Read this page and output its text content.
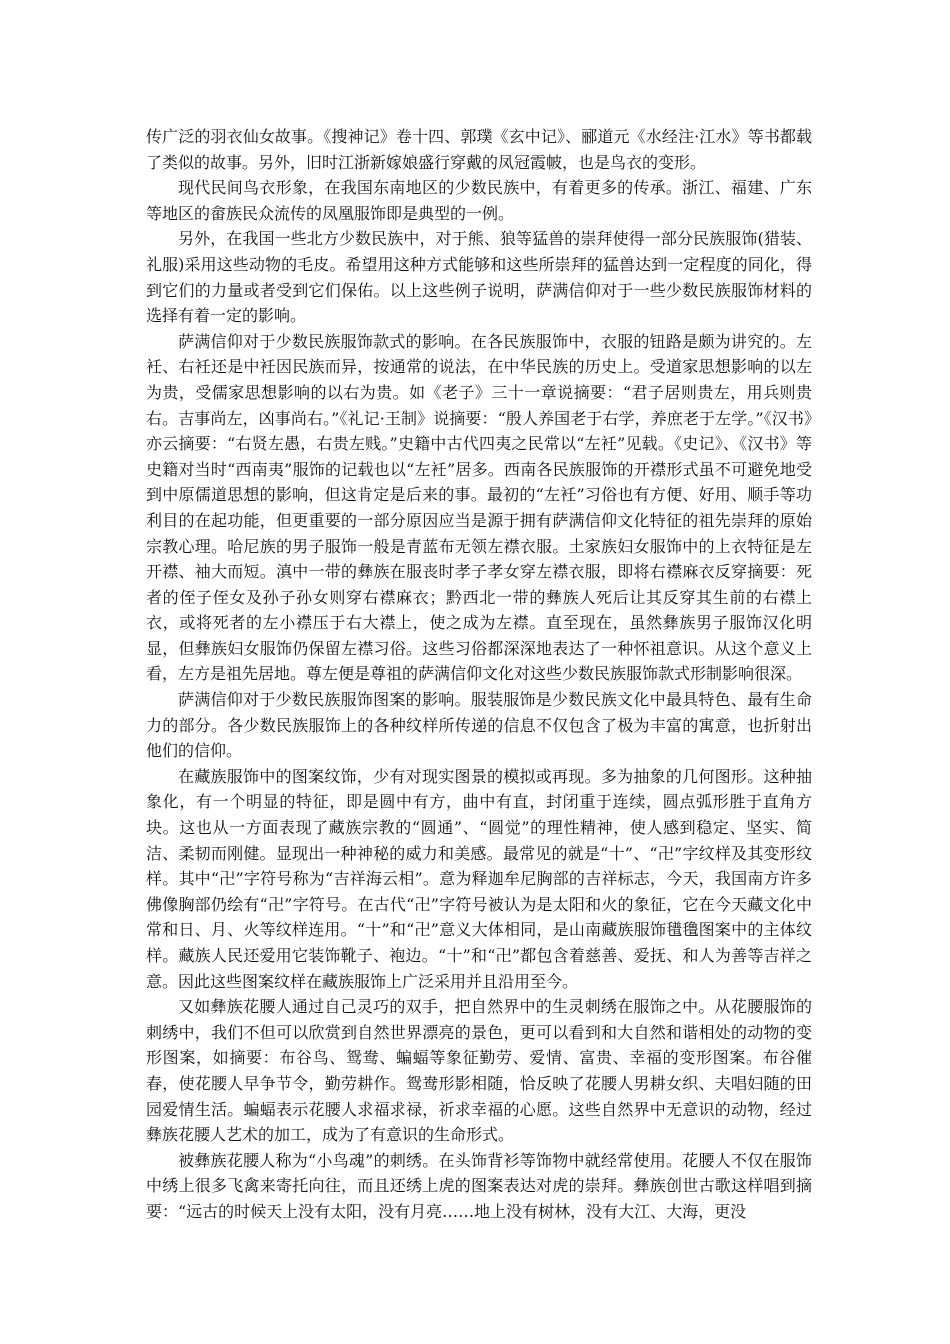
传广泛的羽衣仙女故事。《搜神记》卷十四、郭璞《玄中记》、郦道元《水经注·江水》等书都载了类似的故事。另外，旧时江浙新嫁娘盛行穿戴的凤冠霞帔，也是鸟衣的变形。

现代民间鸟衣形象，在我国东南地区的少数民族中，有着更多的传承。浙江、福建、广东等地区的畲族民众流传的凤凰服饰即是典型的一例。

另外，在我国一些北方少数民族中，对于熊、狼等猛兽的崇拜使得一部分民族服饰(猎装、礼服)采用这些动物的毛皮。希望用这种方式能够和这些所崇拜的猛兽达到一定程度的同化，得到它们的力量或者受到它们保佑。以上这些例子说明，萨满信仰对于一些少数民族服饰材料的选择有着一定的影响。

萨满信仰对于少数民族服饰款式的影响。在各民族服饰中，衣服的钮路是颇为讲究的。左衽、右衽还是中衽因民族而异，按通常的说法，在中华民族的历史上。受道家思想影响的以左为贵，受儒家思想影响的以右为贵。如《老子》三十一章说摘要：“君子居则贵左，用兵则贵右。吉事尚左，凶事尚右。”《礼记·王制》说摘要：“殷人养国老于右学，养庶老于左学。”《汉书》亦云摘要：“右贤左愚，右贵左贱。”史籍中古代四夷之民常以“左衽”见载。《史记》、《汉书》等史籍对当时“西南夷”服饰的记载也以“左衽”居多。西南各民族服饰的开襟形式虽不可避免地受到中原儒道思想的影响，但这肯定是后来的事。最初的“左衽”习俗也有方便、好用、顺手等功利目的在起功能，但更重要的一部分原因应当是源于拥有萨满信仰文化特征的祖先崇拜的原始宗教心理。哈尼族的男子服饰一般是青蓝布无领左襟衣服。土家族妇女服饰中的上衣特征是左开襟、袖大而短。滇中一带的彝族在服丧时孝子孝女穿左襟衣服，即将右襟麻衣反穿摘要：死者的侄子侄女及孙子孙女则穿右襟麻衣；黔西北一带的彝族人死后让其反穿其生前的右襟上衣，或将死者的左小襟压于右大襟上，使之成为左襟。直至现在，虽然彝族男子服饰汉化明显，但彝族妇女服饰仍保留左襟习俗。这些习俗都深深地表达了一种怀祖意识。从这个意义上看，左方是祖先居地。尊左便是尊祖的萨满信仰文化对这些少数民族服饰款式形制影响很深。

萨满信仰对于少数民族服饰图案的影响。服装服饰是少数民族文化中最具特色、最有生命力的部分。各少数民族服饰上的各种纹样所传递的信息不仅包含了极为丰富的寓意，也折射出他们的信仰。

在藏族服饰中的图案纹饰，少有对现实图景的模拟或再现。多为抽象的几何图形。这种抽象化，有一个明显的特征，即是圆中有方，曲中有直，封闭重于连续，圆点弧形胜于直角方块。这也从一方面表现了藏族宗教的“圆通”、“圆觉”的理性精神，使人感到稳定、坚实、简洁、柔韧而刚健。显现出一种神秘的威力和美感。最常见的就是“十”、“卍”字纹样及其变形纹样。其中“卍”字符号称为“吉祥海云相”。意为释迦牟尼胸部的吉祥标志，今天，我国南方许多佛像胸部仍绘有“卍”字符号。在古代“卍”字符号被认为是太阳和火的象征，它在今天藏文化中常和日、月、火等纹样连用。“十”和“卍”意义大体相同，是山南藏族服饰氆氇图案中的主体纹样。藏族人民还爱用它装饰靴子、袍边。“十”和“卍”都包含着慈善、爱抚、和人为善等吉祥之意。因此这些图案纹样在藏族服饰上广泛采用并且沿用至今。

又如彝族花腰人通过自己灵巧的双手，把自然界中的生灵刺绣在服饰之中。从花腰服饰的刺绣中，我们不但可以欣赏到自然世界漂亮的景色，更可以看到和大自然和谐相处的动物的变形图案，如摘要：布谷鸟、鸳鸯、蝙蝠等象征勤劳、爱情、富贵、幸福的变形图案。布谷催春，使花腰人早争节令，勤劳耕作。鸳鸯形影相随，恰反映了花腰人男耕女织、夫唱妇随的田园爱情生活。蝙蝠表示花腰人求福求禄，祈求幸福的心愿。这些自然界中无意识的动物，经过彝族花腰人艺术的加工，成为了有意识的生命形式。

被彝族花腰人称为“小鸟魂”的刺绣。在头饰背衫等饰物中就经常使用。花腰人不仅在服饰中绣上很多飞禽来寄托向往，而且还绣上虎的图案表达对虎的崇拜。彝族创世古歌这样唱到摘要：“远古的时候天上没有太阳，没有月亮……地上没有树林，没有大江、大海，更没
